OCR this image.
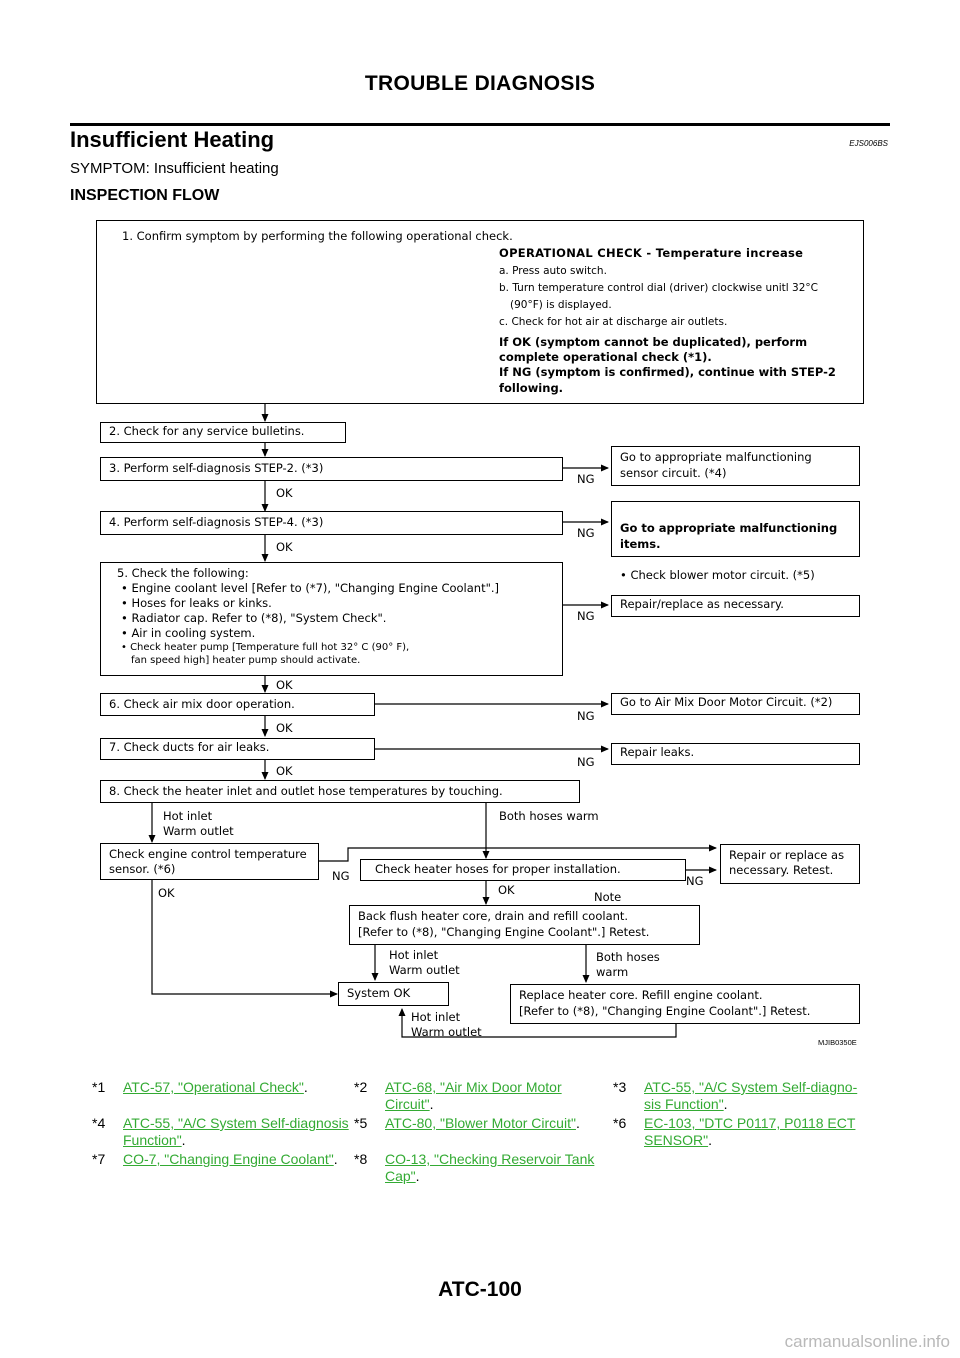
TROUBLE DIAGNOSIS
Insufficient Heating	EJS006BS
SYMPTOM: Insufficient heating
INSPECTION FLOW

1. Confirm symptom by performing the following operational check.

OPERATIONAL CHECK - Temperature increase

a. Press auto switch.

b. Turn temperature control dial (driver) clockwise unitl 32°C

(90°F) is displayed.

c. Check for hot air at discharge air outlets.

If OK (symptom cannot be duplicated), perform
complete operational check (*1).
If NG (symptom is confirmed), continue with STEP-2
following.

2. Check for any service bulletins.
3. Perform self-diagnosis STEP-2. (*3)
NG
Go to appropriate malfunctioning
sensor circuit. (*4)
OK
4. Perform self-diagnosis STEP-4. (*3)
NG Go to appropriate malfunctioning
items.

• Check blower motor circuit. (*5)

OK
5. Check the following:
• Engine coolant level [Refer to (*7), "Changing Engine Coolant".]
• Hoses for leaks or kinks.
• Radiator cap. Refer to (*8), "System Check".
• Air in cooling system.
• Check heater pump [Temperature full hot 32° C (90° F),
fan speed high] heater pump should activate.
NG
Repair/replace as necessary.
OK
6. Check air mix door operation.
NG
Go to Air Mix Door Motor Circuit. (*2)
OK
7. Check ducts for air leaks.
NG
Repair leaks.
OK
8. Check the heater inlet and outlet hose temperatures by touching.
Hot inlet
Warm outlet
Both hoses warm
Check engine control temperature
sensor. (*6)
NG
OK
Check heater hoses for proper installation.
NG
OK	Note
Repair or replace as
necessary. Retest.
Back flush heater core, drain and refill coolant.
[Refer to (*8), "Changing Engine Coolant".] Retest.
Hot inlet
Warm outlet
Both hoses
warm
System OK
Hot inlet
Warm outlet
Replace heater core. Refill engine coolant.
[Refer to (*8), "Changing Engine Coolant".] Retest.
MJIB0350E
*1 ATC-57, "Operational Check".	*2 ATC-68, "Air Mix Door Motor Circuit".
*3 ATC-55, "A/C System Self-diagno-
sis Function".
*4 ATC-55, "A/C System Self-diagnosis
Function".
*5 ATC-80, "Blower Motor Circuit". *6 EC-103, "DTC P0117, P0118 ECT
SENSOR".
*7 CO-7, "Changing Engine Coolant". *8 CO-13, "Checking Reservoir Tank
Cap".
ATC-100
carmanualsonline.info
